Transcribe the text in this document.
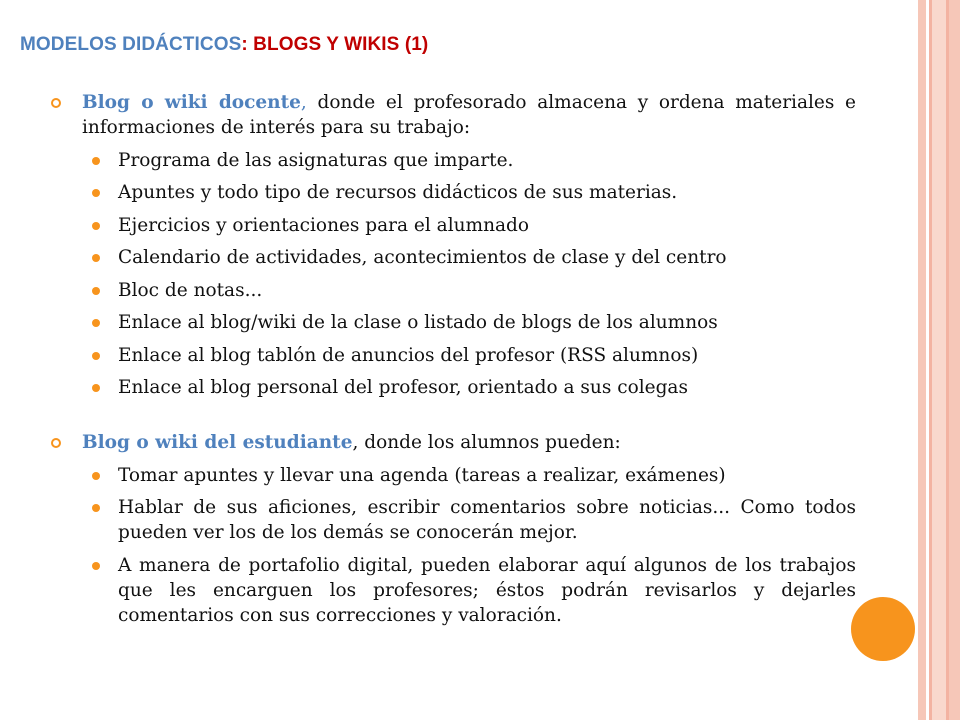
MODELOS DIDÁCTICOS: BLOGS Y WIKIS (1)

Blog o wiki docente, donde el profesorado almacena y ordena materiales e informaciones de interés para su trabajo:

Programa de las asignaturas que imparte.
Apuntes y todo tipo de recursos didácticos de sus materias.
Ejercicios y orientaciones para el alumnado
Calendario de actividades, acontecimientos de clase y del centro
Bloc de notas...
Enlace al blog/wiki de la clase o listado de blogs de los alumnos
Enlace al blog tablón de anuncios del profesor (RSS alumnos)
Enlace al blog personal del profesor, orientado a sus colegas

Blog o wiki del estudiante, donde los alumnos pueden:

Tomar apuntes y llevar una agenda (tareas a realizar, exámenes)
Hablar de sus aficiones, escribir comentarios sobre noticias... Como todos pueden ver los de los demás se conocerán mejor.
A manera de portafolio digital, pueden elaborar aquí algunos de los trabajos que les encarguen los profesores; éstos podrán revisarlos y dejarles comentarios con sus correcciones y valoración.
